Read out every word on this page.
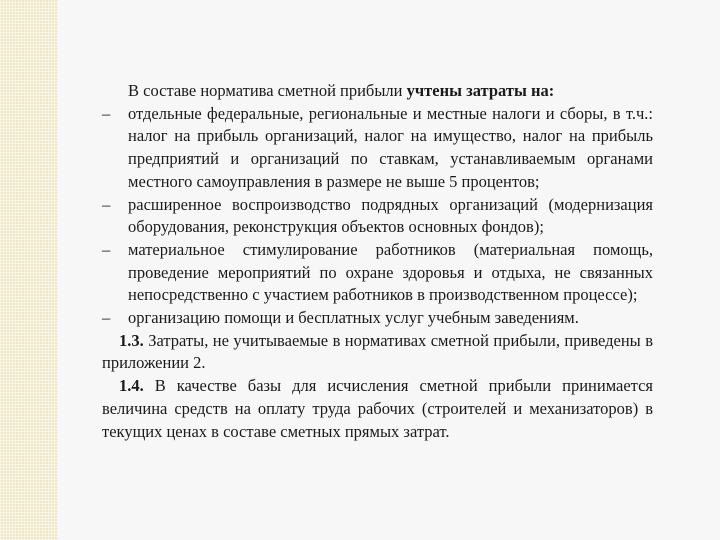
В составе норматива сметной прибыли учтены затраты на:

– отдельные федеральные, региональные и местные налоги и сборы, в т.ч.: налог на прибыль организаций, налог на имущество, налог на прибыль предприятий и организаций по ставкам, устанавливаемым органами местного самоуправления в размере не выше 5 процентов;

– расширенное воспроизводство подрядных организаций (модернизация оборудования, реконструкция объектов основных фондов);

– материальное стимулирование работников (материальная помощь, проведение мероприятий по охране здоровья и отдыха, не связанных непосредственно с участием работников в производственном процессе);

– организацию помощи и бесплатных услуг учебным заведениям.

1.3. Затраты, не учитываемые в нормативах сметной прибыли, приведены в приложении 2.

1.4. В качестве базы для исчисления сметной прибыли принимается величина средств на оплату труда рабочих (строителей и механизаторов) в текущих ценах в составе сметных прямых затрат.
